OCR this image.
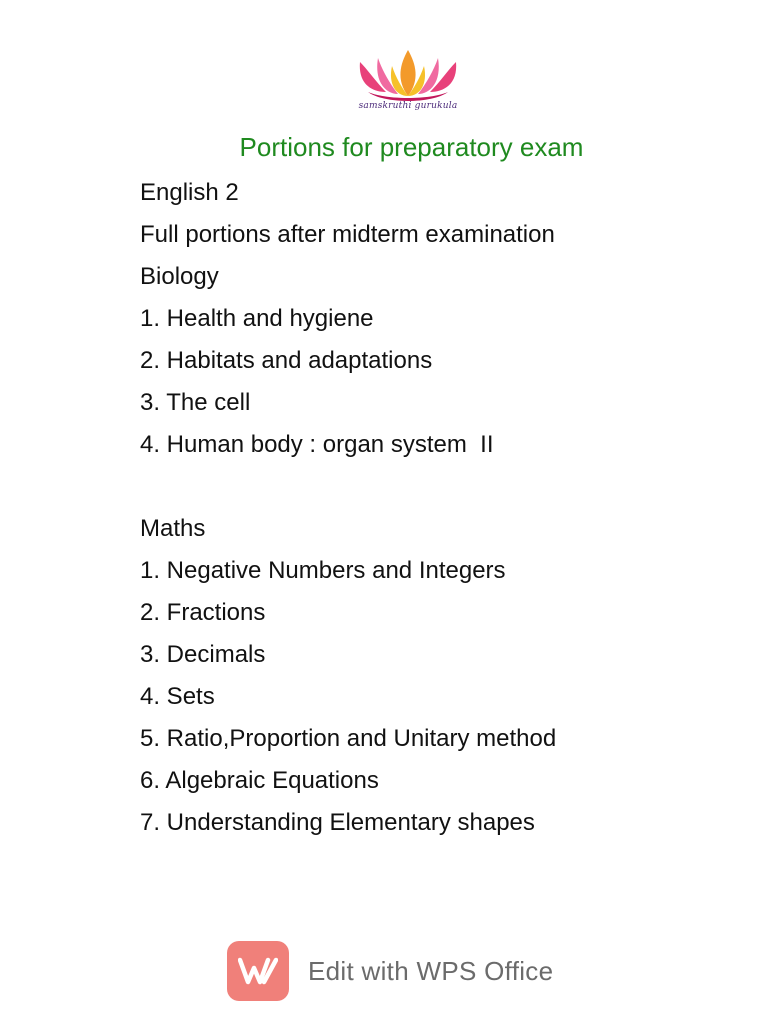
samskruthi gurukula
Portions for preparatory exam
English 2
Full portions after midterm examination
Biology
1. Health and hygiene
2. Habitats and adaptations
3. The cell
4. Human body : organ system  II
Maths
1. Negative Numbers and Integers
2. Fractions
3. Decimals
4. Sets
5. Ratio,Proportion and Unitary method
6. Algebraic Equations
7. Understanding Elementary shapes
Edit with WPS Office
